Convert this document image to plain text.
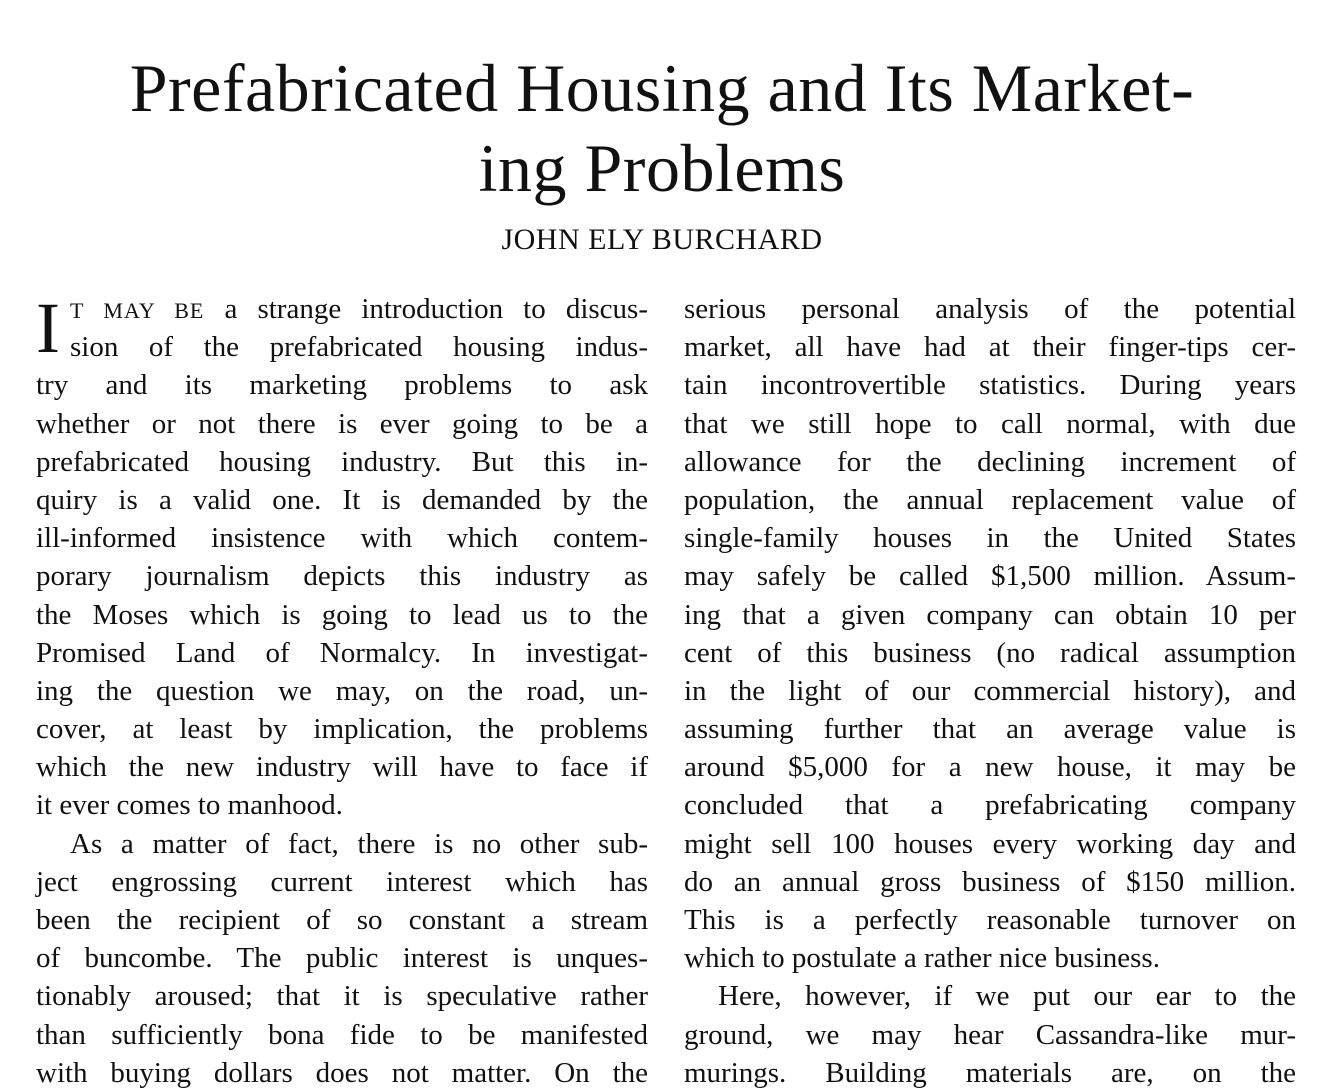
Prefabricated Housing and Its Market-
ing Problems
JOHN ELY BURCHARD
I T MAY BE a strange introduction to discus-
sion of the prefabricated housing indus-
try and its marketing problems to ask
whether or not there is ever going to be a
prefabricated housing industry. But this in-
quiry is a valid one. It is demanded by the
ill-informed insistence with which contem-
porary journalism depicts this industry as
the Moses which is going to lead us to the
Promised Land of Normalcy. In investigat-
ing the question we may, on the road, un-
cover, at least by implication, the problems
which the new industry will have to face if
it ever comes to manhood.
As a matter of fact, there is no other sub-
ject engrossing current interest which has
been the recipient of so constant a stream
of buncombe. The public interest is unques-
tionably aroused; that it is speculative rather
than sufficiently bona fide to be manifested
with buying dollars does not matter. On the
serious personal analysis of the potential
market, all have had at their finger-tips cer-
tain incontrovertible statistics. During years
that we still hope to call normal, with due
allowance for the declining increment of
population, the annual replacement value of
single-family houses in the United States
may safely be called $1,500 million. Assum-
ing that a given company can obtain 10 per
cent of this business (no radical assumption
in the light of our commercial history), and
assuming further that an average value is
around $5,000 for a new house, it may be
concluded that a prefabricating company
might sell 100 houses every working day and
do an annual gross business of $150 million.
This is a perfectly reasonable turnover on
which to postulate a rather nice business.
Here, however, if we put our ear to the
ground, we may hear Cassandra-like mur-
murings. Building materials are, on the
